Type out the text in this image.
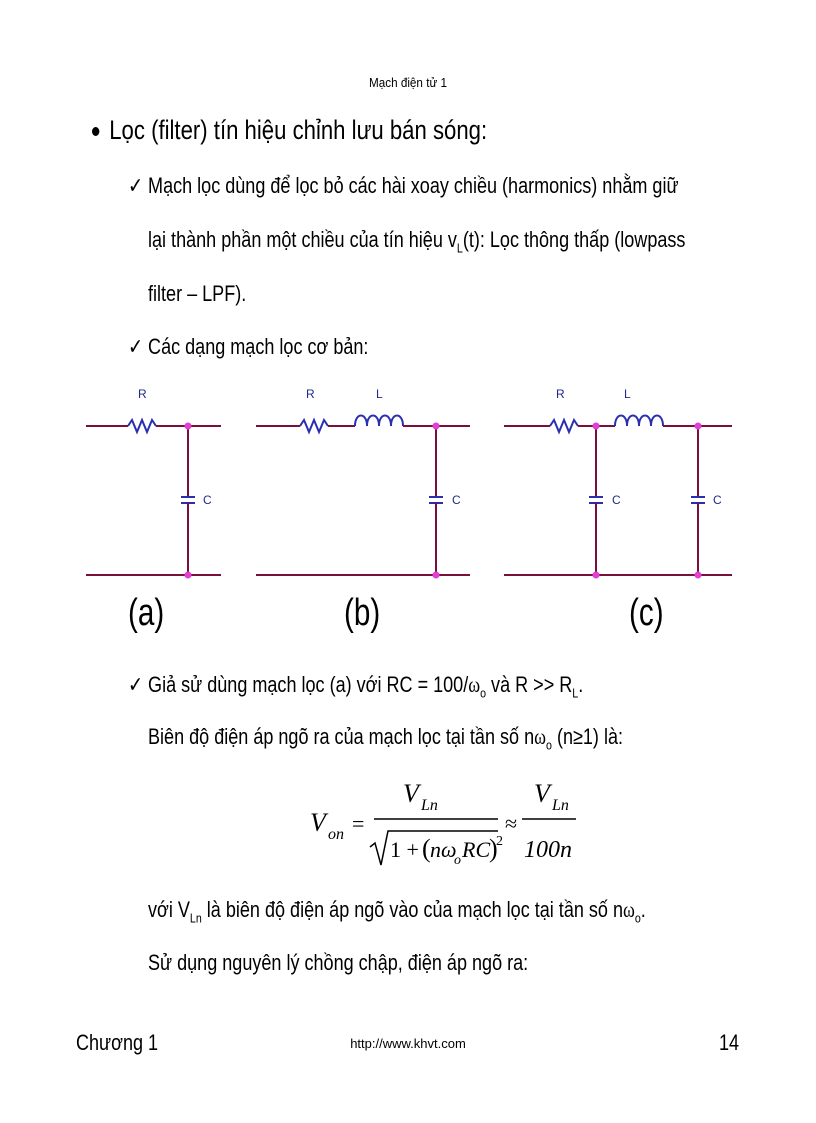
Mạch điện tử 1
Lọc (filter) tín hiệu chỉnh lưu bán sóng:
✓ Mạch lọc dùng để lọc bỏ các hài xoay chiều (harmonics) nhằm giữ
lại thành phần một chiều của tín hiệu $v_L(t)$: Lọc thông thấp (lowpass
filter – LPF).
✓ Các dạng mạch lọc cơ bản:
R
C
R	L
C
R	L
C	C
(a)	(b)	(c)
✓ Giả sử dùng mạch lọc (a) với RC = $100/\omega_o$ và $R >> R_L$.
Biên độ điện áp ngõ ra của mạch lọc tại tần số $n\omega_o$ (n≥1) là:
V on =
V Ln
1 + ( nω
o RC
)
2
≈
V Ln
100n
với $V_{Ln}$ là biên độ điện áp ngõ vào của mạch lọc tại tần số $n\omega_o$.
Sử dụng nguyên lý chồng chập, điện áp ngõ ra:
Chương 1	http://www.khvt.com	14
